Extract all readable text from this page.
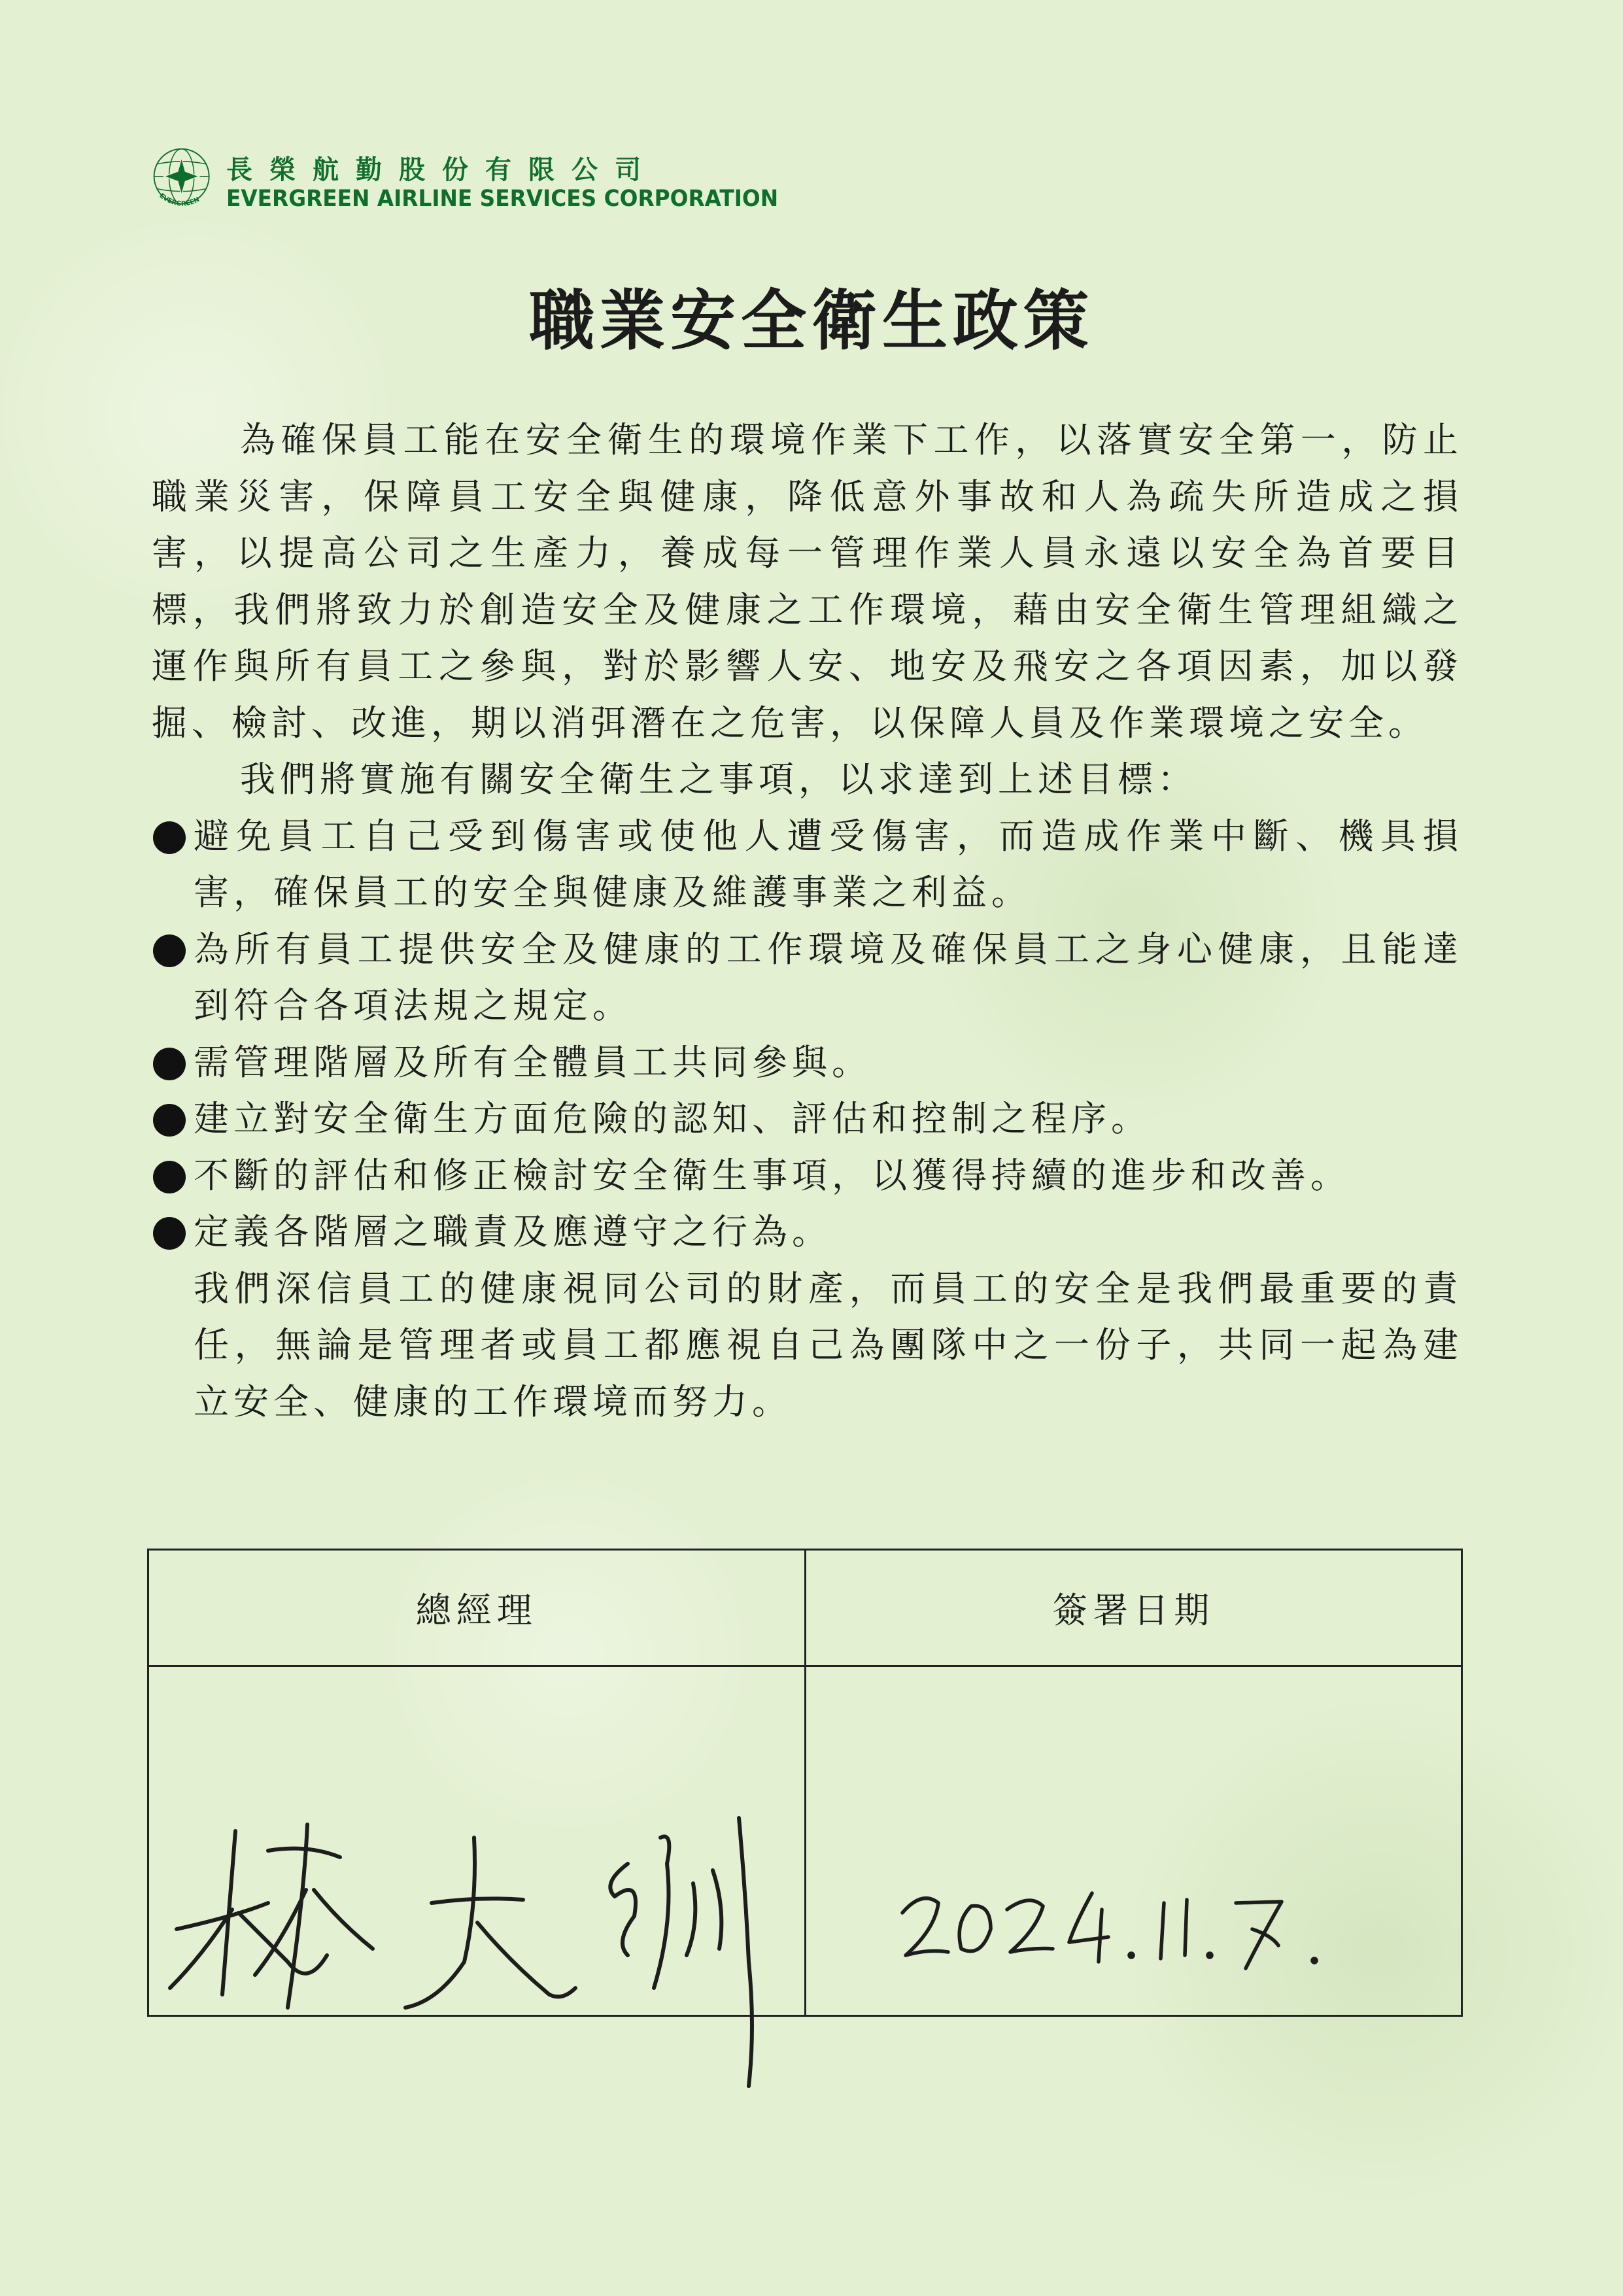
EVERGREEN
長榮航勤股份有限公司
EVERGREEN AIRLINE SERVICES CORPORATION
職業安全衛生政策

為確保員工能在安全衛生的環境作業下工作，以落實安全第一，防止職業災害，保障員工安全與健康，降低意外事故和人為疏失所造成之損害，以提高公司之生產力，養成每一管理作業人員永遠以安全為首要目標，我們將致力於創造安全及健康之工作環境，藉由安全衛生管理組織之運作與所有員工之參與，對於影響人安、地安及飛安之各項因素，加以發掘、檢討、改進，期以消弭潛在之危害，以保障人員及作業環境之安全。

我們將實施有關安全衛生之事項，以求達到上述目標：

避免員工自己受到傷害或使他人遭受傷害，而造成作業中斷、機具損害，確保員工的安全與健康及維護事業之利益。
為所有員工提供安全及健康的工作環境及確保員工之身心健康，且能達到符合各項法規之規定。
需管理階層及所有全體員工共同參與。
建立對安全衛生方面危險的認知、評估和控制之程序。
不斷的評估和修正檢討安全衛生事項，以獲得持續的進步和改善。
定義各階層之職責及應遵守之行為。

我們深信員工的健康視同公司的財產，而員工的安全是我們最重要的責任，無論是管理者或員工都應視自己為團隊中之一份子，共同一起為建立安全、健康的工作環境而努力。

總經理	簽署日期
